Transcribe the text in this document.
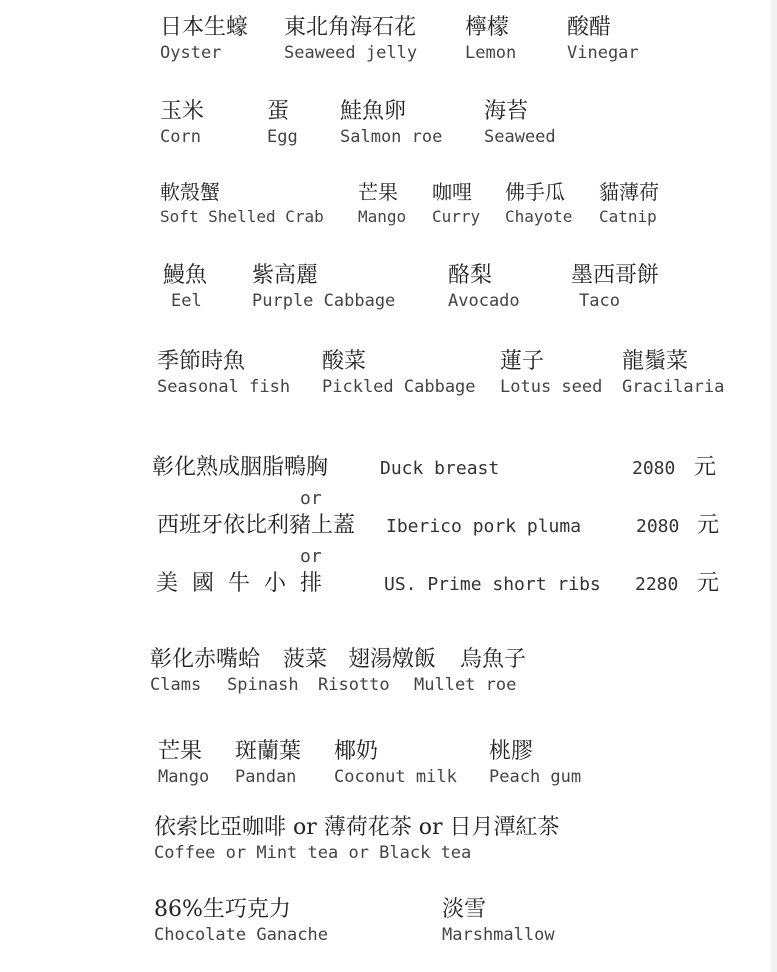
日本生蠔
Oyster
東北角海石花
Seaweed jelly
檸檬
Lemon
酸醋
Vinegar
玉米
Corn
蛋
Egg
鮭魚卵
Salmon roe
海苔
Seaweed
軟殼蟹
Soft Shelled Crab
芒果
Mango
咖哩
Curry
佛手瓜
Chayote
貓薄荷
Catnip
鰻魚
Eel
紫高麗
Purple Cabbage
酪梨
Avocado
墨西哥餅
Taco
季節時魚
Seasonal fish
酸菜
Pickled Cabbage
蓮子
Lotus seed
龍鬚菜
Gracilaria
彰化熟成胭脂鴨胸	Duck breast	2080 元
or
西班牙依比利豬上蓋 Iberico pork pluma	2080 元
or
美國牛小排	US. Prime short ribs 2280 元
彰化赤嘴蛤
Clams
菠菜
Spinash
翅湯燉飯
Risotto
烏魚子
Mullet roe
芒果
Mango
斑蘭葉
Pandan
椰奶
Coconut milk
桃膠
Peach gum
依索比亞咖啡 or 薄荷花茶 or 日月潭紅茶
Coffee or Mint tea or Black tea
86%生巧克力
Chocolate Ganache
淡雪
Marshmallow
